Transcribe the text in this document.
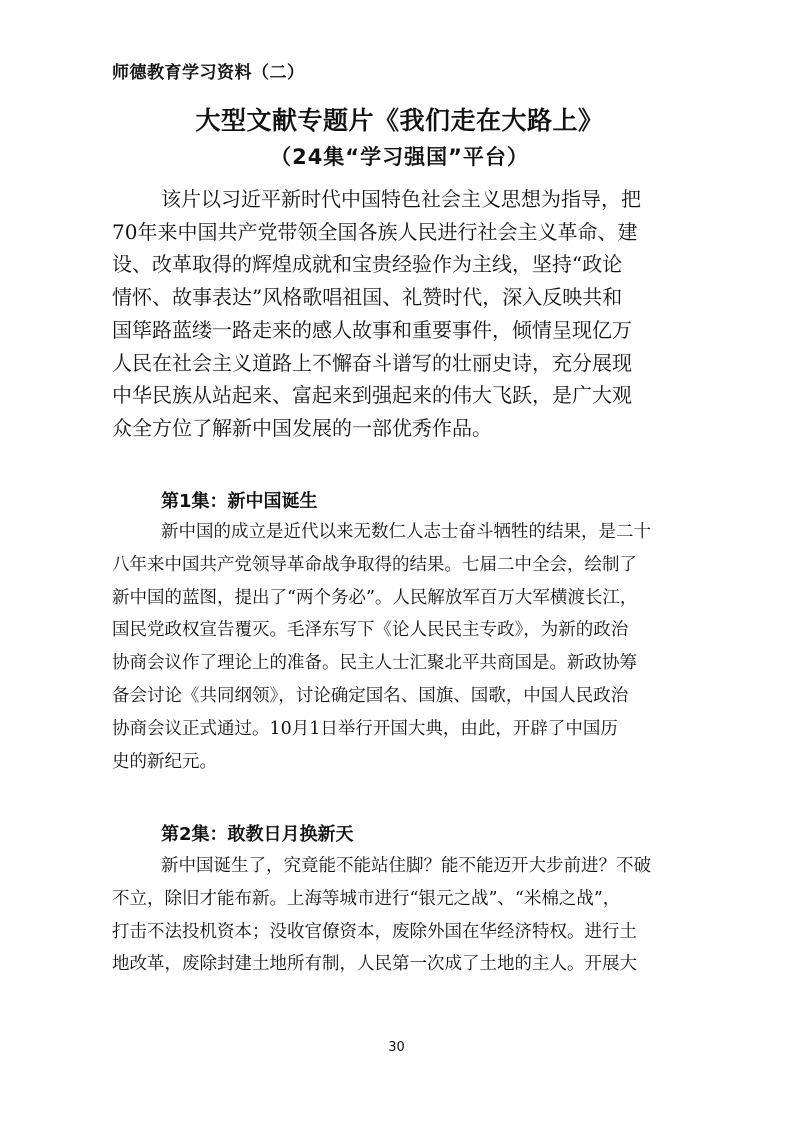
师德教育学习资料（二）
大型文献专题片《我们走在大路上》
（24集“学习强国”平台）
该片以习近平新时代中国特色社会主义思想为指导，把
70年来中国共产党带领全国各族人民进行社会主义革命、建
设、改革取得的辉煌成就和宝贵经验作为主线，坚持“政论
情怀、故事表达”风格歌唱祖国、礼赞时代，深入反映共和
国筚路蓝缕一路走来的感人故事和重要事件，倾情呈现亿万
人民在社会主义道路上不懈奋斗谱写的壮丽史诗，充分展现
中华民族从站起来、富起来到强起来的伟大飞跃，是广大观
众全方位了解新中国发展的一部优秀作品。
第1集：新中国诞生
新中国的成立是近代以来无数仁人志士奋斗牺牲的结果，是二十
八年来中国共产党领导革命战争取得的结果。七届二中全会，绘制了
新中国的蓝图，提出了“两个务必”。人民解放军百万大军横渡长江，
国民党政权宣告覆灭。毛泽东写下《论人民民主专政》，为新的政治
协商会议作了理论上的准备。民主人士汇聚北平共商国是。新政协筹
备会讨论《共同纲领》，讨论确定国名、国旗、国歌，中国人民政治
协商会议正式通过。10月1日举行开国大典，由此，开辟了中国历
史的新纪元。
第2集：敢教日月换新天
新中国诞生了，究竟能不能站住脚？能不能迈开大步前进？不破
不立，除旧才能布新。上海等城市进行“银元之战”、“米棉之战”，
打击不法投机资本；没收官僚资本，废除外国在华经济特权。进行土
地改革，废除封建土地所有制，人民第一次成了土地的主人。开展大
30
